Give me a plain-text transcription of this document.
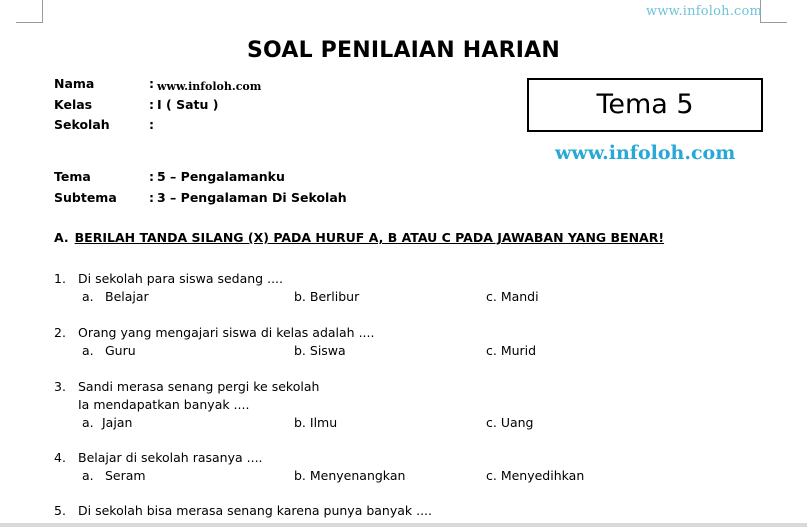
www.infoloh.com
SOAL PENILAIAN HARIAN
Nama	: www.infoloh.com
Kelas	: I ( Satu )
Sekolah	:
Tema	: 5 – Pengalamanku
Subtema	: 3 – Pengalaman Di Sekolah
Tema 5
www.infoloh.com
A. BERILAH TANDA SILANG (X) PADA HURUF A, B ATAU C PADA JAWABAN YANG BENAR!
1. Di sekolah para siswa sedang ....
a. Belajar	b. Berlibur	c. Mandi
2. Orang yang mengajari siswa di kelas adalah ....
a. Guru	b. Siswa	c. Murid
3. Sandi merasa senang pergi ke sekolah
Ia mendapatkan banyak ....
a. Jajan	b. Ilmu	c. Uang
4. Belajar di sekolah rasanya ....
a. Seram	b. Menyenangkan	c. Menyedihkan
5. Di sekolah bisa merasa senang karena punya banyak ....
